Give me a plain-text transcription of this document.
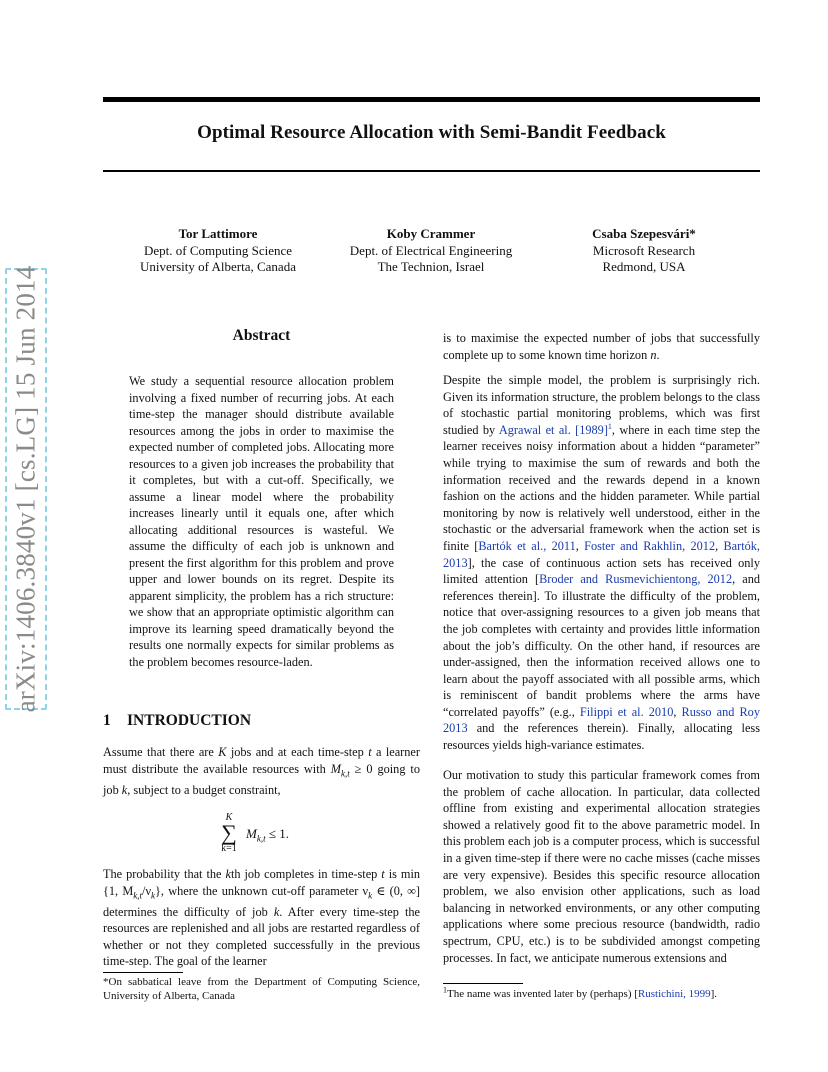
Optimal Resource Allocation with Semi-Bandit Feedback
Tor Lattimore
Dept. of Computing Science
University of Alberta, Canada
Koby Crammer
Dept. of Electrical Engineering
The Technion, Israel
Csaba Szepesvári*
Microsoft Research
Redmond, USA
arXiv:1406.3840v1 [cs.LG] 15 Jun 2014	Abstract
We study a sequential resource allocation problem involving a fixed number of recurring jobs. At each time-step the manager should distribute available resources among the jobs in order to maximise the expected number of completed jobs. Allocating more resources to a given job increases the probability that it completes, but with a cut-off. Specifically, we assume a linear model where the probability increases linearly until it equals one, after which allocating additional resources is wasteful. We assume the difficulty of each job is unknown and present the first algorithm for this problem and prove upper and lower bounds on its regret. Despite its apparent simplicity, the problem has a rich structure: we show that an appropriate optimistic algorithm can improve its learning speed dramatically beyond the results one normally expects for similar problems as the problem becomes resource-laden.
1 INTRODUCTION

Assume that there are K jobs and at each time-step t a learner must distribute the available resources with $M_{k,t} \ge 0$ going to job k, subject to a budget constraint,

K
∑
k=1
$M_{k,t} \le 1$.

The probability that the kth job completes in time-step t is min {1, $M_{k,t}/\nu_k$}, where the unknown cut-off parameter $\nu_k$ ∈ (0, ∞] determines the difficulty of job k. After every time-step the resources are replenished and all jobs are restarted regardless of whether or not they completed successfully in the previous time-step. The goal of the learner

*On sabbatical leave from the Department of Computing Science, University of Alberta, Canada

is to maximise the expected number of jobs that successfully complete up to some known time horizon n.

Despite the simple model, the problem is surprisingly rich. Given its information structure, the problem belongs to the class of stochastic partial monitoring problems, which was first studied by Agrawal et al. [1989]$^1$, where in each time step the learner receives noisy information about a hidden “parameter” while trying to maximise the sum of rewards and both the information received and the rewards depend in a known fashion on the actions and the hidden parameter. While partial monitoring by now is relatively well understood, either in the stochastic or the adversarial framework when the action set is finite [Bartók et al., 2011, Foster and Rakhlin, 2012, Bartók, 2013], the case of continuous action sets has received only limited attention [Broder and Rusmevichientong, 2012, and references therein]. To illustrate the difficulty of the problem, notice that over-assigning resources to a given job means that the job completes with certainty and provides little information about the job’s difficulty. On the other hand, if resources are under-assigned, then the information received allows one to learn about the payoff associated with all possible arms, which is reminiscent of bandit problems where the arms have “correlated payoffs” (e.g., Filippi et al. 2010, Russo and Roy 2013 and the references therein). Finally, allocating less resources yields high-variance estimates.

Our motivation to study this particular framework comes from the problem of cache allocation. In particular, data collected offline from existing and experimental allocation strategies showed a relatively good fit to the above parametric model. In this problem each job is a computer process, which is successful in a given time-step if there were no cache misses (cache misses are very expensive). Besides this specific resource allocation problem, we also envision other applications, such as load balancing in networked environments, or any other computing applications where some precious resource (bandwidth, radio spectrum, CPU, etc.) is to be subdivided amongst competing processes. In fact, we anticipate numerous extensions and

$^1$The name was invented later by (perhaps) [Rustichini, 1999].
